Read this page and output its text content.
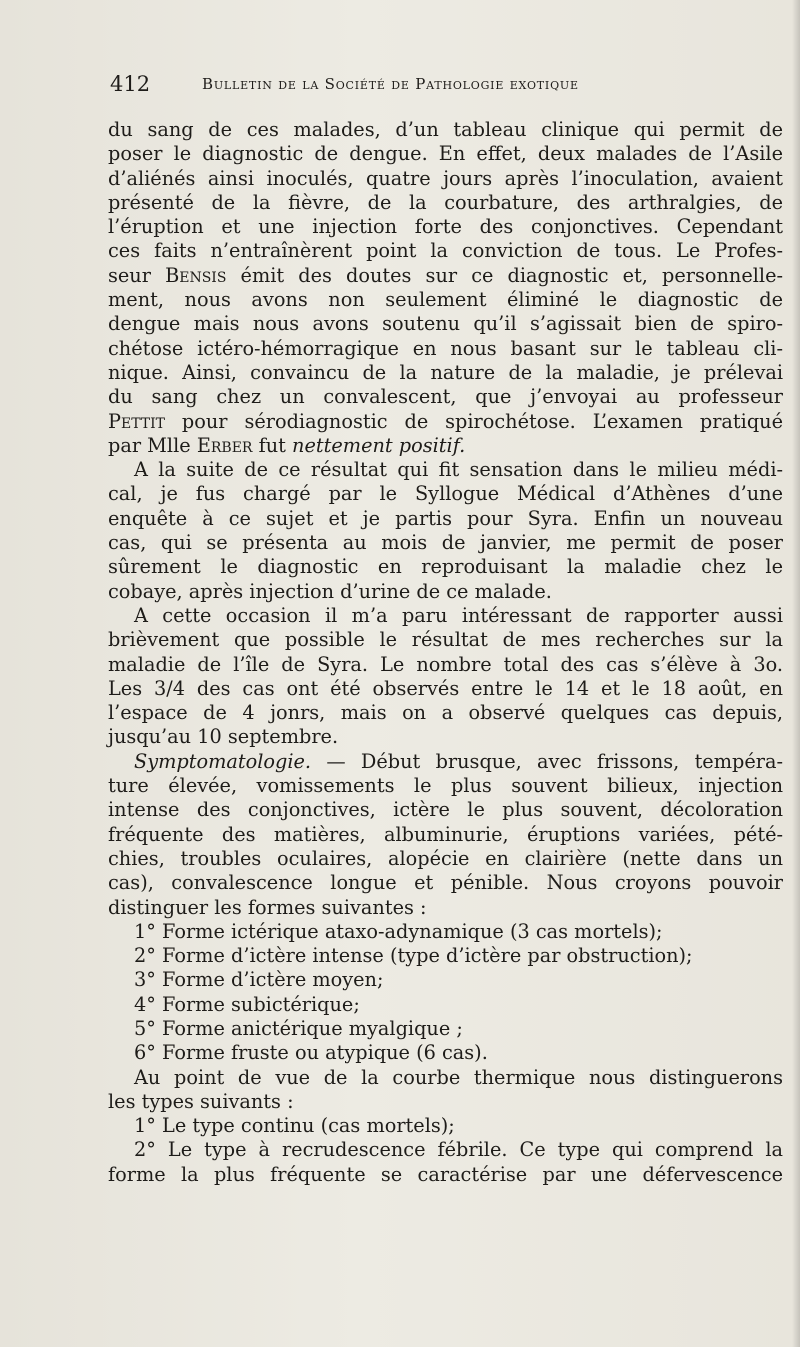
412	Bulletin de la Société de Pathologie exotique
du sang de ces malades, d’un tableau clinique qui permit de
poser le diagnostic de dengue. En effet, deux malades de l’Asile
d’aliénés ainsi inoculés, quatre jours après l’inoculation, avaient
présenté de la fièvre, de la courbature, des arthralgies, de
l’éruption et une injection forte des conjonctives. Cependant
ces faits n’entraînèrent point la conviction de tous. Le Profes-
seur Bensis émit des doutes sur ce diagnostic et, personnelle-
ment, nous avons non seulement éliminé le diagnostic de
dengue mais nous avons soutenu qu’il s’agissait bien de spiro-
chétose ictéro-hémorragique en nous basant sur le tableau cli-
nique. Ainsi, convaincu de la nature de la maladie, je prélevai
du sang chez un convalescent, que j’envoyai au professeur
Pettit pour sérodiagnostic de spirochétose. L’examen pratiqué
par Mlle Erber fut nettement positif.
A la suite de ce résultat qui fit sensation dans le milieu médi-
cal, je fus chargé par le Syllogue Médical d’Athènes d’une
enquête à ce sujet et je partis pour Syra. Enfin un nouveau
cas, qui se présenta au mois de janvier, me permit de poser
sûrement le diagnostic en reproduisant la maladie chez le
cobaye, après injection d’urine de ce malade.
A cette occasion il m’a paru intéressant de rapporter aussi
brièvement que possible le résultat de mes recherches sur la
maladie de l’île de Syra. Le nombre total des cas s’élève à 3o.
Les 3/4 des cas ont été observés entre le 14 et le 18 août, en
l’espace de 4 jonrs, mais on a observé quelques cas depuis,
jusqu’au 10 septembre.
Symptomatologie. — Début brusque, avec frissons, tempéra-
ture élevée, vomissements le plus souvent bilieux, injection
intense des conjonctives, ictère le plus souvent, décoloration
fréquente des matières, albuminurie, éruptions variées, pété-
chies, troubles oculaires, alopécie en clairière (nette dans un
cas), convalescence longue et pénible. Nous croyons pouvoir
distinguer les formes suivantes :
1° Forme ictérique ataxo-adynamique (3 cas mortels);
2° Forme d’ictère intense (type d’ictère par obstruction);
3° Forme d’ictère moyen;
4° Forme subictérique;
5° Forme anictérique myalgique ;
6° Forme fruste ou atypique (6 cas).
Au point de vue de la courbe thermique nous distinguerons
les types suivants :
1° Le type continu (cas mortels);
2° Le type à recrudescence fébrile. Ce type qui comprend la
forme la plus fréquente se caractérise par une défervescence
